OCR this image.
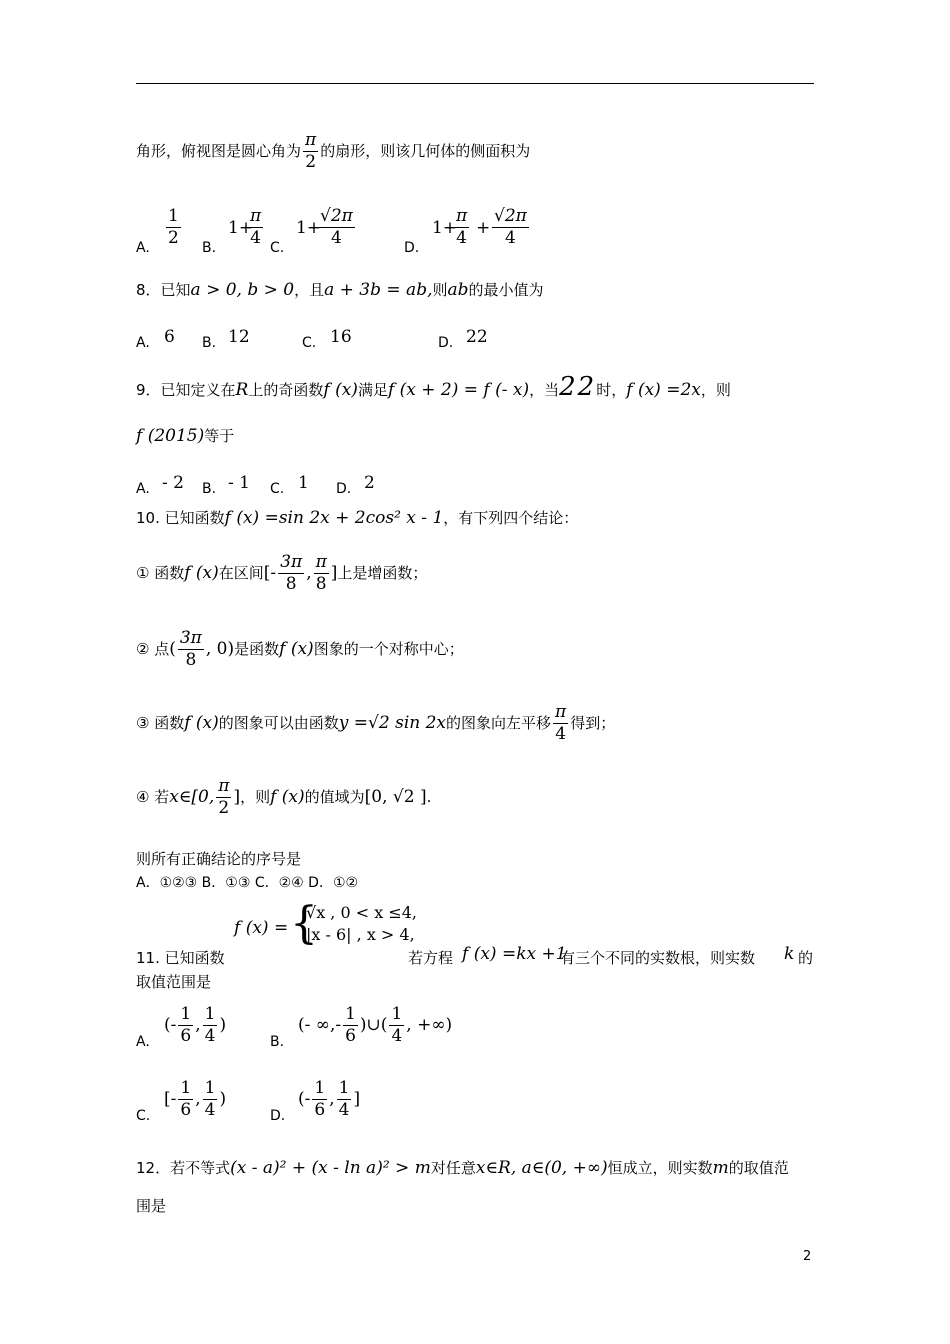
角形，俯视图是圆心角为 $\frac{\pi}{2}$ 的扇形，则该几何体的侧面积为
A. $\frac{1}{2} B$.
1+
$\frac{\pi}{4} C$.
1+
$\frac{√2\pi}{4}$	D.
1+
$\frac{\pi}{4} + \frac{√2\pi}{4}$
8．已知a > 0, b > 0，且a + 3b = ab,则ab的最小值为
A. 6 B. 12	C. 16	D. 22
9．已知定义在R上的奇函数f (x)满足f (x + 2) = f (- x)，当22时，f (x) =2x，则
f (2015)等于
A. - 2 B. - 1 C. 1 D. 2
10. 已知函数f (x) =sin 2x + 2cos² x - 1，有下列四个结论：
① 函数f (x)在区间[- $\frac{3\pi}{8}$ , $\frac{\pi}{8}$ ]上是增函数；
② 点( $\frac{3\pi}{8}$ , 0)是函数f (x)图象的一个对称中心；
③ 函数f (x)的图象可以由函数y =√2 sin 2x的图象向左平移 $\frac{\pi}{4}$ 得到；
④ 若x∈[0, $\frac{\pi}{2}$ ]，则f (x)的值域为[0, √2 ].
则所有正确结论的序号是
A．①②③ B．①③ C．②④ D．①②
11. 已知函数
f (x) = {
√x , 0 < x ≤4,
|x - 6| , x > 4,
若方程 f (x) =kx +1
有三个不同的实数根，则实数 k 的
取值范围是
A.
(- $\frac{1}{6}$ , $\frac{1}{4}$ )
B.
(- ∞,- $\frac{1}{6}$ )∪( $\frac{1}{4}$ , +∞)
C.
[- $\frac{1}{6}$ , $\frac{1}{4}$ )
D.
(- $\frac{1}{6}$ , $\frac{1}{4}$ ]
12．若不等式(x - a)² + (x - ln a)² > m对任意x∈R, a∈(0, +∞)恒成立，则实数m的取值范
围是
2
